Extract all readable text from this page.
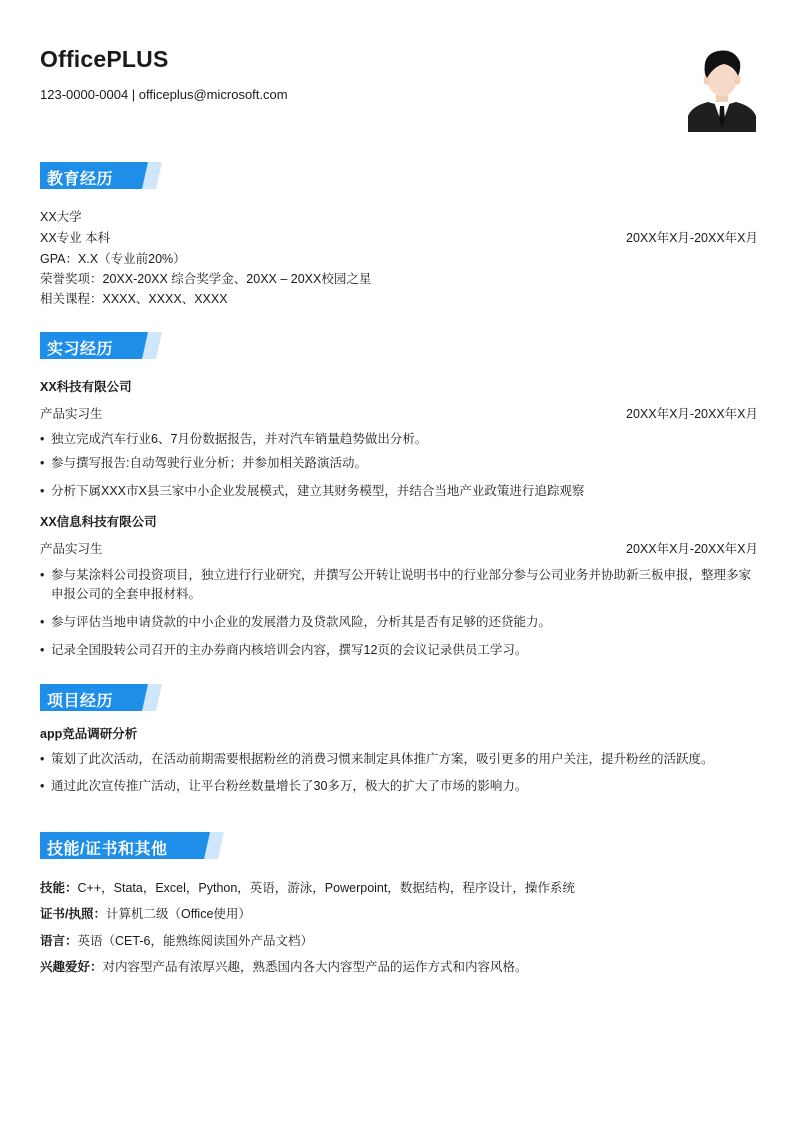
OfficePLUS
123-0000-0004 | officeplus@microsoft.com
教育经历
XX大学
XX专业 本科	20XX年X月-20XX年X月
GPA：X.X（专业前20%）
荣誉奖项：20XX-20XX 综合奖学金、20XX – 20XX校园之星
相关课程：XXXX、XXXX、XXXX
实习经历
XX科技有限公司
产品实习生	20XX年X月-20XX年X月
• 独立完成汽车行业6、7月份数据报告，并对汽车销量趋势做出分析。
• 参与撰写报告:自动驾驶行业分析；并参加相关路演活动。
• 分析下属XXX市X县三家中小企业发展模式，建立其财务模型，并结合当地产业政策进行追踪观察
XX信息科技有限公司
产品实习生	20XX年X月-20XX年X月
• 参与某涂料公司投资项目，独立进行行业研究，并撰写公开转让说明书中的行业部分参与公司业务并协助新三板申报，整理多家申报公司的全套申报材料。
• 参与评估当地申请贷款的中小企业的发展潜力及贷款风险，分析其是否有足够的还贷能力。
• 记录全国股转公司召开的主办券商内核培训会内容，撰写12页的会议记录供员工学习。
项目经历
app竞品调研分析
• 策划了此次活动，在活动前期需要根据粉丝的消费习惯来制定具体推广方案，吸引更多的用户关注，提升粉丝的活跃度。
• 通过此次宣传推广活动，让平台粉丝数量增长了30多万，极大的扩大了市场的影响力。
技能/证书和其他
技能：C++，Stata，Excel，Python，英语，游泳，Powerpoint，数据结构，程序设计，操作系统
证书/执照：计算机二级（Office使用）
语言：英语（CET-6，能熟练阅读国外产品文档）
兴趣爱好：对内容型产品有浓厚兴趣，熟悉国内各大内容型产品的运作方式和内容风格。
